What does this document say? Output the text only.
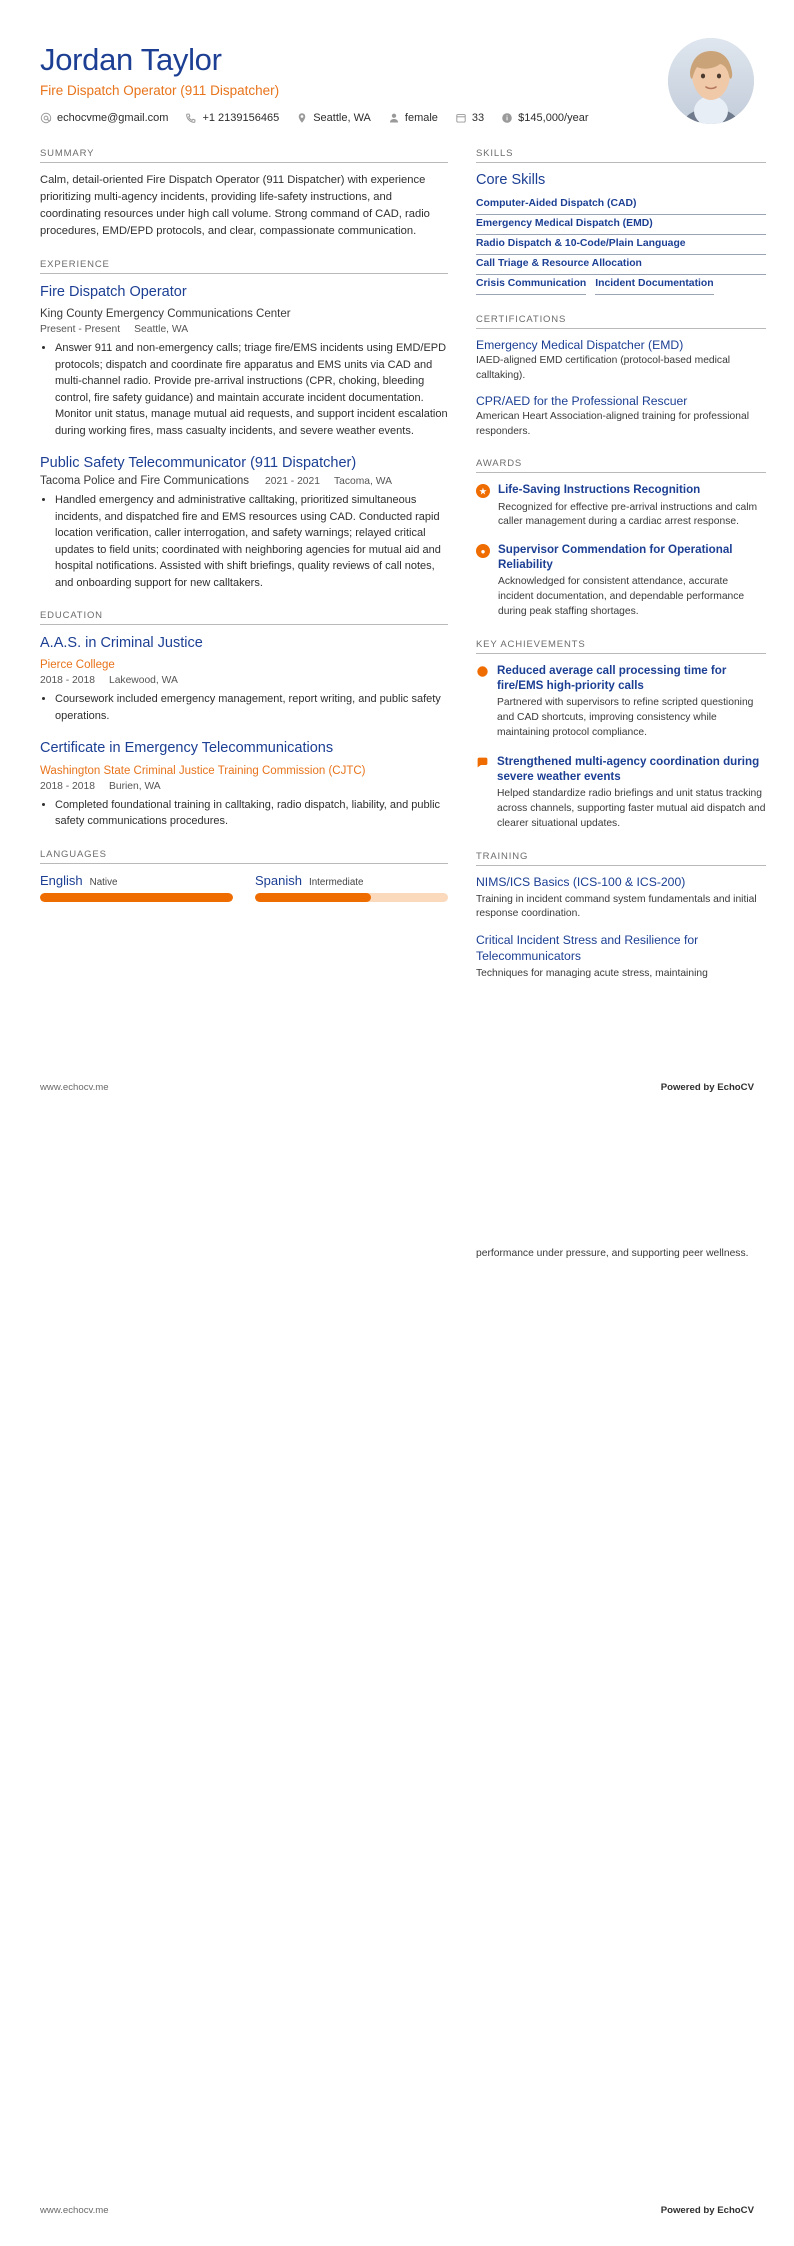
Jordan Taylor
Fire Dispatch Operator (911 Dispatcher)
echocvme@gmail.com	+1 2139156465	Seattle, WA	female	33	$145,000/year
SUMMARY
Calm, detail-oriented Fire Dispatch Operator (911 Dispatcher) with experience prioritizing multi-agency incidents, providing life-safety instructions, and coordinating resources under high call volume. Strong command of CAD, radio procedures, EMD/EPD protocols, and clear, compassionate communication.
EXPERIENCE
Fire Dispatch Operator
King County Emergency Communications Center
Present - Present Seattle, WA
• Answer 911 and non-emergency calls; triage fire/EMS incidents using EMD/EPD protocols; dispatch and coordinate fire apparatus and EMS units via CAD and multi-channel radio. Provide pre-arrival instructions (CPR, choking, bleeding control, fire safety guidance) and maintain accurate incident documentation. Monitor unit status, manage mutual aid requests, and support incident escalation during working fires, mass casualty incidents, and severe weather events.
Public Safety Telecommunicator (911 Dispatcher)
Tacoma Police and Fire Communications 2021 - 2021 Tacoma, WA
• Handled emergency and administrative calltaking, prioritized simultaneous incidents, and dispatched fire and EMS resources using CAD. Conducted rapid location verification, caller interrogation, and safety warnings; relayed critical updates to field units; coordinated with neighboring agencies for mutual aid and hospital notifications. Assisted with shift briefings, quality reviews of call notes, and onboarding support for new calltakers.
EDUCATION
A.A.S. in Criminal Justice
Pierce College
2018 - 2018 Lakewood, WA
• Coursework included emergency management, report writing, and public safety operations.
Certificate in Emergency Telecommunications
Washington State Criminal Justice Training Commission (CJTC)
2018 - 2018 Burien, WA
• Completed foundational training in calltaking, radio dispatch, liability, and public safety communications procedures.
LANGUAGES
English Native	Spanish Intermediate
SKILLS
Core Skills
Computer-Aided Dispatch (CAD)
Emergency Medical Dispatch (EMD)
Radio Dispatch & 10-Code/Plain Language
Call Triage & Resource Allocation
Crisis Communication Incident Documentation
CERTIFICATIONS
Emergency Medical Dispatcher (EMD)
IAED-aligned EMD certification (protocol-based medical calltaking).
CPR/AED for the Professional Rescuer
American Heart Association-aligned training for professional responders.
AWARDS
★ Life-Saving Instructions Recognition
Recognized for effective pre-arrival instructions and calm caller management during a cardiac arrest response.
●	Supervisor Commendation for Operational Reliability
Acknowledged for consistent attendance, accurate incident documentation, and dependable performance during peak staffing shortages.
KEY ACHIEVEMENTS
Reduced average call processing time for fire/EMS high-priority calls
Partnered with supervisors to refine scripted questioning and CAD shortcuts, improving consistency while maintaining protocol compliance.
Strengthened multi-agency coordination during severe weather events
Helped standardize radio briefings and unit status tracking across channels, supporting faster mutual aid dispatch and clearer situational updates.
TRAINING
NIMS/ICS Basics (ICS-100 & ICS-200)
Training in incident command system fundamentals and initial response coordination.
Critical Incident Stress and Resilience for Telecommunicators
Techniques for managing acute stress, maintaining
www.echocv.me	Powered by EchoCV
performance under pressure, and supporting peer wellness.
www.echocv.me	Powered by EchoCV
